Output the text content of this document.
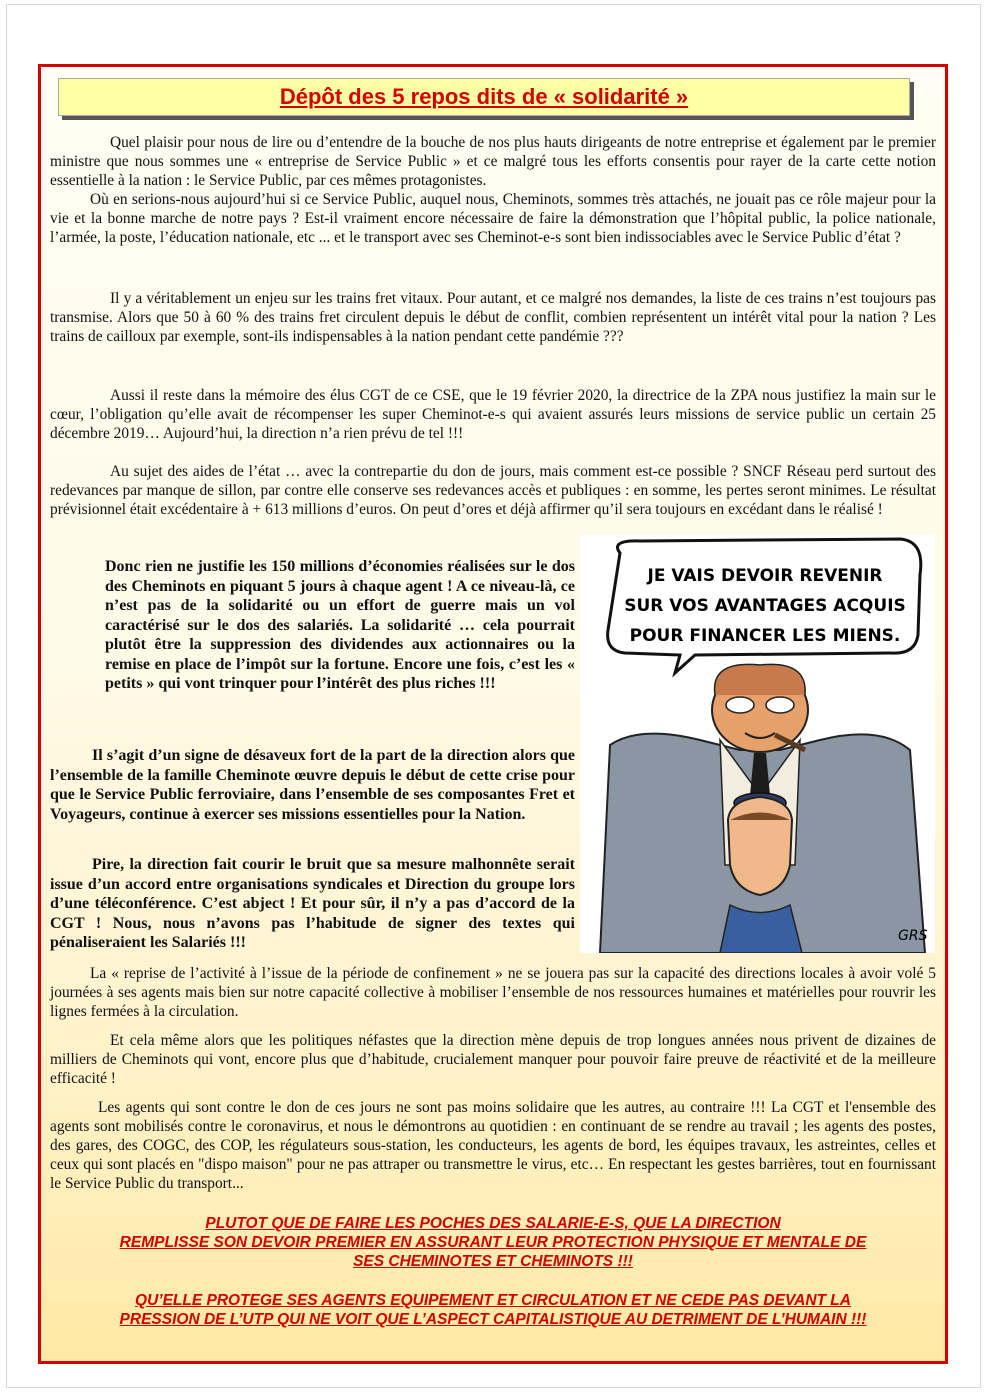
Dépôt des 5 repos dits de « solidarité »

Quel plaisir pour nous de lire ou d’entendre de la bouche de nos plus hauts dirigeants de notre entreprise et également par le premier ministre que nous sommes une « entreprise de Service Public » et ce malgré tous les efforts consentis pour rayer de la carte cette notion essentielle à la nation : le Service Public, par ces mêmes protagonistes.

Où en serions-nous aujourd’hui si ce Service Public, auquel nous, Cheminots, sommes très attachés, ne jouait pas ce rôle majeur pour la vie et la bonne marche de notre pays ? Est-il vraiment encore nécessaire de faire la démonstration que l’hôpital public, la police nationale, l’armée, la poste, l’éducation nationale, etc ... et le transport avec ses Cheminot-e-s sont bien indissociables avec le Service Public d’état ?

Il y a véritablement un enjeu sur les trains fret vitaux. Pour autant, et ce malgré nos demandes, la liste de ces trains n’est toujours pas transmise. Alors que 50 à 60 % des trains fret circulent depuis le début de conflit, combien représentent un intérêt vital pour la nation ? Les trains de cailloux par exemple, sont-ils indispensables à la nation pendant cette pandémie ???

Aussi il reste dans la mémoire des élus CGT de ce CSE, que le 19 février 2020, la directrice de la ZPA nous justifiez la main sur le cœur, l’obligation qu’elle avait de récompenser les super Cheminot-e-s qui avaient assurés leurs missions de service public un certain 25 décembre 2019… Aujourd’hui, la direction n’a rien prévu de tel !!!

Au sujet des aides de l’état … avec la contrepartie du don de jours, mais comment est-ce possible ? SNCF Réseau perd surtout des redevances par manque de sillon, par contre elle conserve ses redevances accès et publiques : en somme, les pertes seront minimes. Le résultat prévisionnel était excédentaire à + 613 millions d’euros. On peut d’ores et déjà affirmer qu’il sera toujours en excédant dans le réalisé !

Donc rien ne justifie les 150 millions d’économies réalisées sur le dos des Cheminots en piquant 5 jours à chaque agent ! A ce niveau-là, ce n’est pas de la solidarité ou un effort de guerre mais un vol caractérisé sur le dos des salariés. La solidarité … cela pourrait plutôt être la suppression des dividendes aux actionnaires ou la remise en place de l’impôt sur la fortune. Encore une fois, c’est les « petits » qui vont trinquer pour l’intérêt des plus riches !!!

Il s’agit d’un signe de désaveux fort de la part de la direction alors que l’ensemble de la famille Cheminote œuvre depuis le début de cette crise pour que le Service Public ferroviaire, dans l’ensemble de ses composantes Fret et Voyageurs, continue à exercer ses missions essentielles pour la Nation.

Pire, la direction fait courir le bruit que sa mesure malhonnête serait issue d’un accord entre organisations syndicales et Direction du groupe lors d’une téléconférence. C’est abject ! Et pour sûr, il n’y a pas d’accord de la CGT ! Nous, nous n’avons pas l’habitude de signer des textes qui pénaliseraient les Salariés !!!

JE VAIS DEVOIR REVENIR
SUR VOS AVANTAGES ACQUIS
POUR FINANCER LES MIENS.
GRS

La « reprise de l’activité à l’issue de la période de confinement » ne se jouera pas sur la capacité des directions locales à avoir volé 5 journées à ses agents mais bien sur notre capacité collective à mobiliser l’ensemble de nos ressources humaines et matérielles pour rouvrir les lignes fermées à la circulation.

Et cela même alors que les politiques néfastes que la direction mène depuis de trop longues années nous privent de dizaines de milliers de Cheminots qui vont, encore plus que d’habitude, crucialement manquer pour pouvoir faire preuve de réactivité et de la meilleure efficacité !

Les agents qui sont contre le don de ces jours ne sont pas moins solidaire que les autres, au contraire !!! La CGT et l'ensemble des agents sont mobilisés contre le coronavirus, et nous le démontrons au quotidien : en continuant de se rendre au travail ; les agents des postes, des gares, des COGC, des COP, les régulateurs sous-station, les conducteurs, les agents de bord, les équipes travaux, les astreintes, celles et ceux qui sont placés en "dispo maison" pour ne pas attraper ou transmettre le virus, etc… En respectant les gestes barrières, tout en fournissant le Service Public du transport...

PLUTOT QUE DE FAIRE LES POCHES DES SALARIE-E-S, QUE LA DIRECTION
REMPLISSE SON DEVOIR PREMIER EN ASSURANT LEUR PROTECTION PHYSIQUE ET MENTALE DE
SES CHEMINOTES ET CHEMINOTS !!!
QU’ELLE PROTEGE SES AGENTS EQUIPEMENT ET CIRCULATION ET NE CEDE PAS DEVANT LA
PRESSION DE L’UTP QUI NE VOIT QUE L’ASPECT CAPITALISTIQUE AU DETRIMENT DE L’HUMAIN !!!
